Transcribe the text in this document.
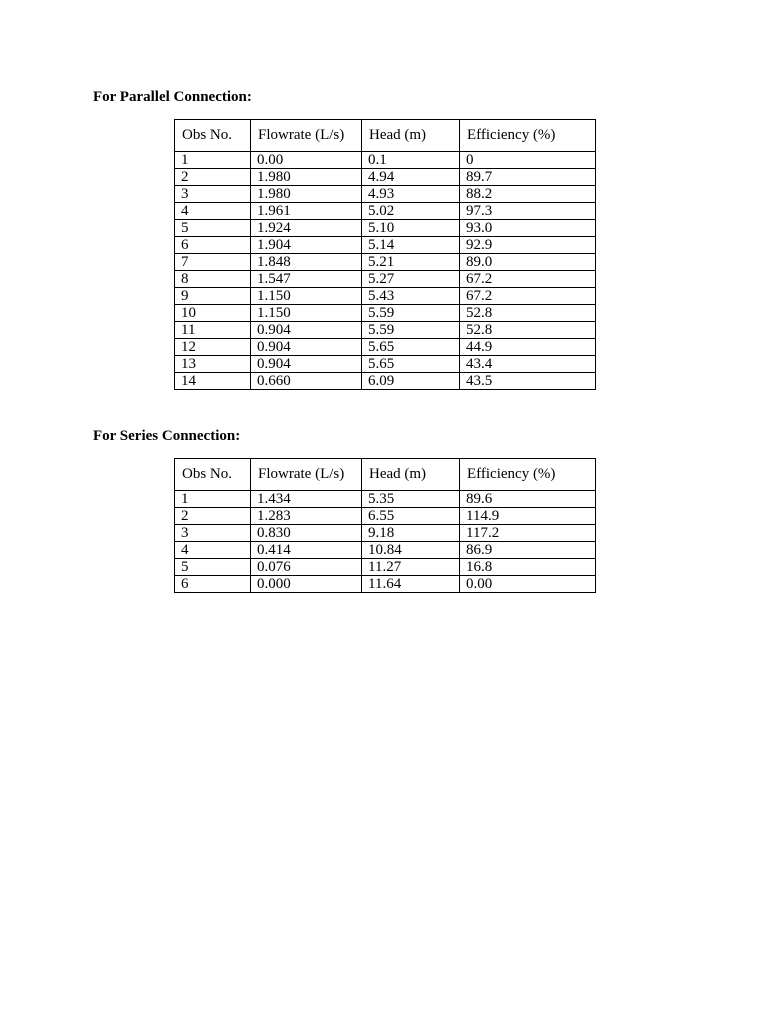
For Parallel Connection:

Obs No.	Flowrate (L/s)	Head (m)	Efficiency (%)
1	0.00	0.1	0
2	1.980	4.94	89.7
3	1.980	4.93	88.2
4	1.961	5.02	97.3
5	1.924	5.10	93.0
6	1.904	5.14	92.9
7	1.848	5.21	89.0
8	1.547	5.27	67.2
9	1.150	5.43	67.2
10	1.150	5.59	52.8
11	0.904	5.59	52.8
12	0.904	5.65	44.9
13	0.904	5.65	43.4
14	0.660	6.09	43.5

For Series Connection:

Obs No.	Flowrate (L/s)	Head (m)	Efficiency (%)
1	1.434	5.35	89.6
2	1.283	6.55	114.9
3	0.830	9.18	117.2
4	0.414	10.84	86.9
5	0.076	11.27	16.8
6	0.000	11.64	0.00
